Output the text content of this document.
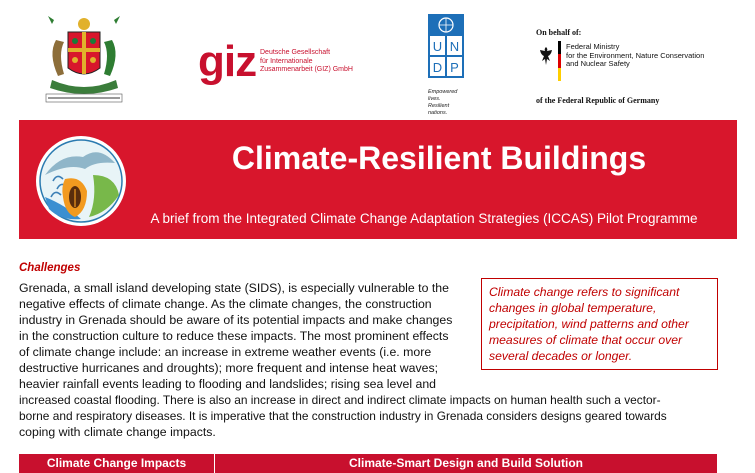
giz Deutsche Gesellschaft
für Internationale
Zusammenarbeit (GIZ) GmbH
U N
D P
Empowered lives.
Resilient nations.
On behalf of:
Federal Ministry
for the Environment, Nature Conservation
and Nuclear Safety
of the Federal Republic of Germany
Climate-Resilient Buildings
A brief from the Integrated Climate Change Adaptation Strategies (ICCAS) Pilot Programme
Challenges
Grenada, a small island developing state (SIDS), is especially vulnerable to the
negative effects of climate change. As the climate changes, the construction
industry in Grenada should be aware of its potential impacts and make changes
in the construction culture to reduce these impacts. The most prominent effects
of climate change include: an increase in extreme weather events (i.e. more
destructive hurricanes and droughts); more frequent and intense heat waves;
heavier rainfall events leading to flooding and landslides; rising sea level and
increased coastal flooding. There is also an increase in direct and indirect climate impacts on human health such a vector-
borne and respiratory diseases. It is imperative that the construction industry in Grenada considers designs geared towards
coping with climate change impacts.
Climate change refers to significant
changes in global temperature,
precipitation, wind patterns and other
measures of climate that occur over
several decades or longer.
Climate Change Impacts	Climate-Smart Design and Build Solution
